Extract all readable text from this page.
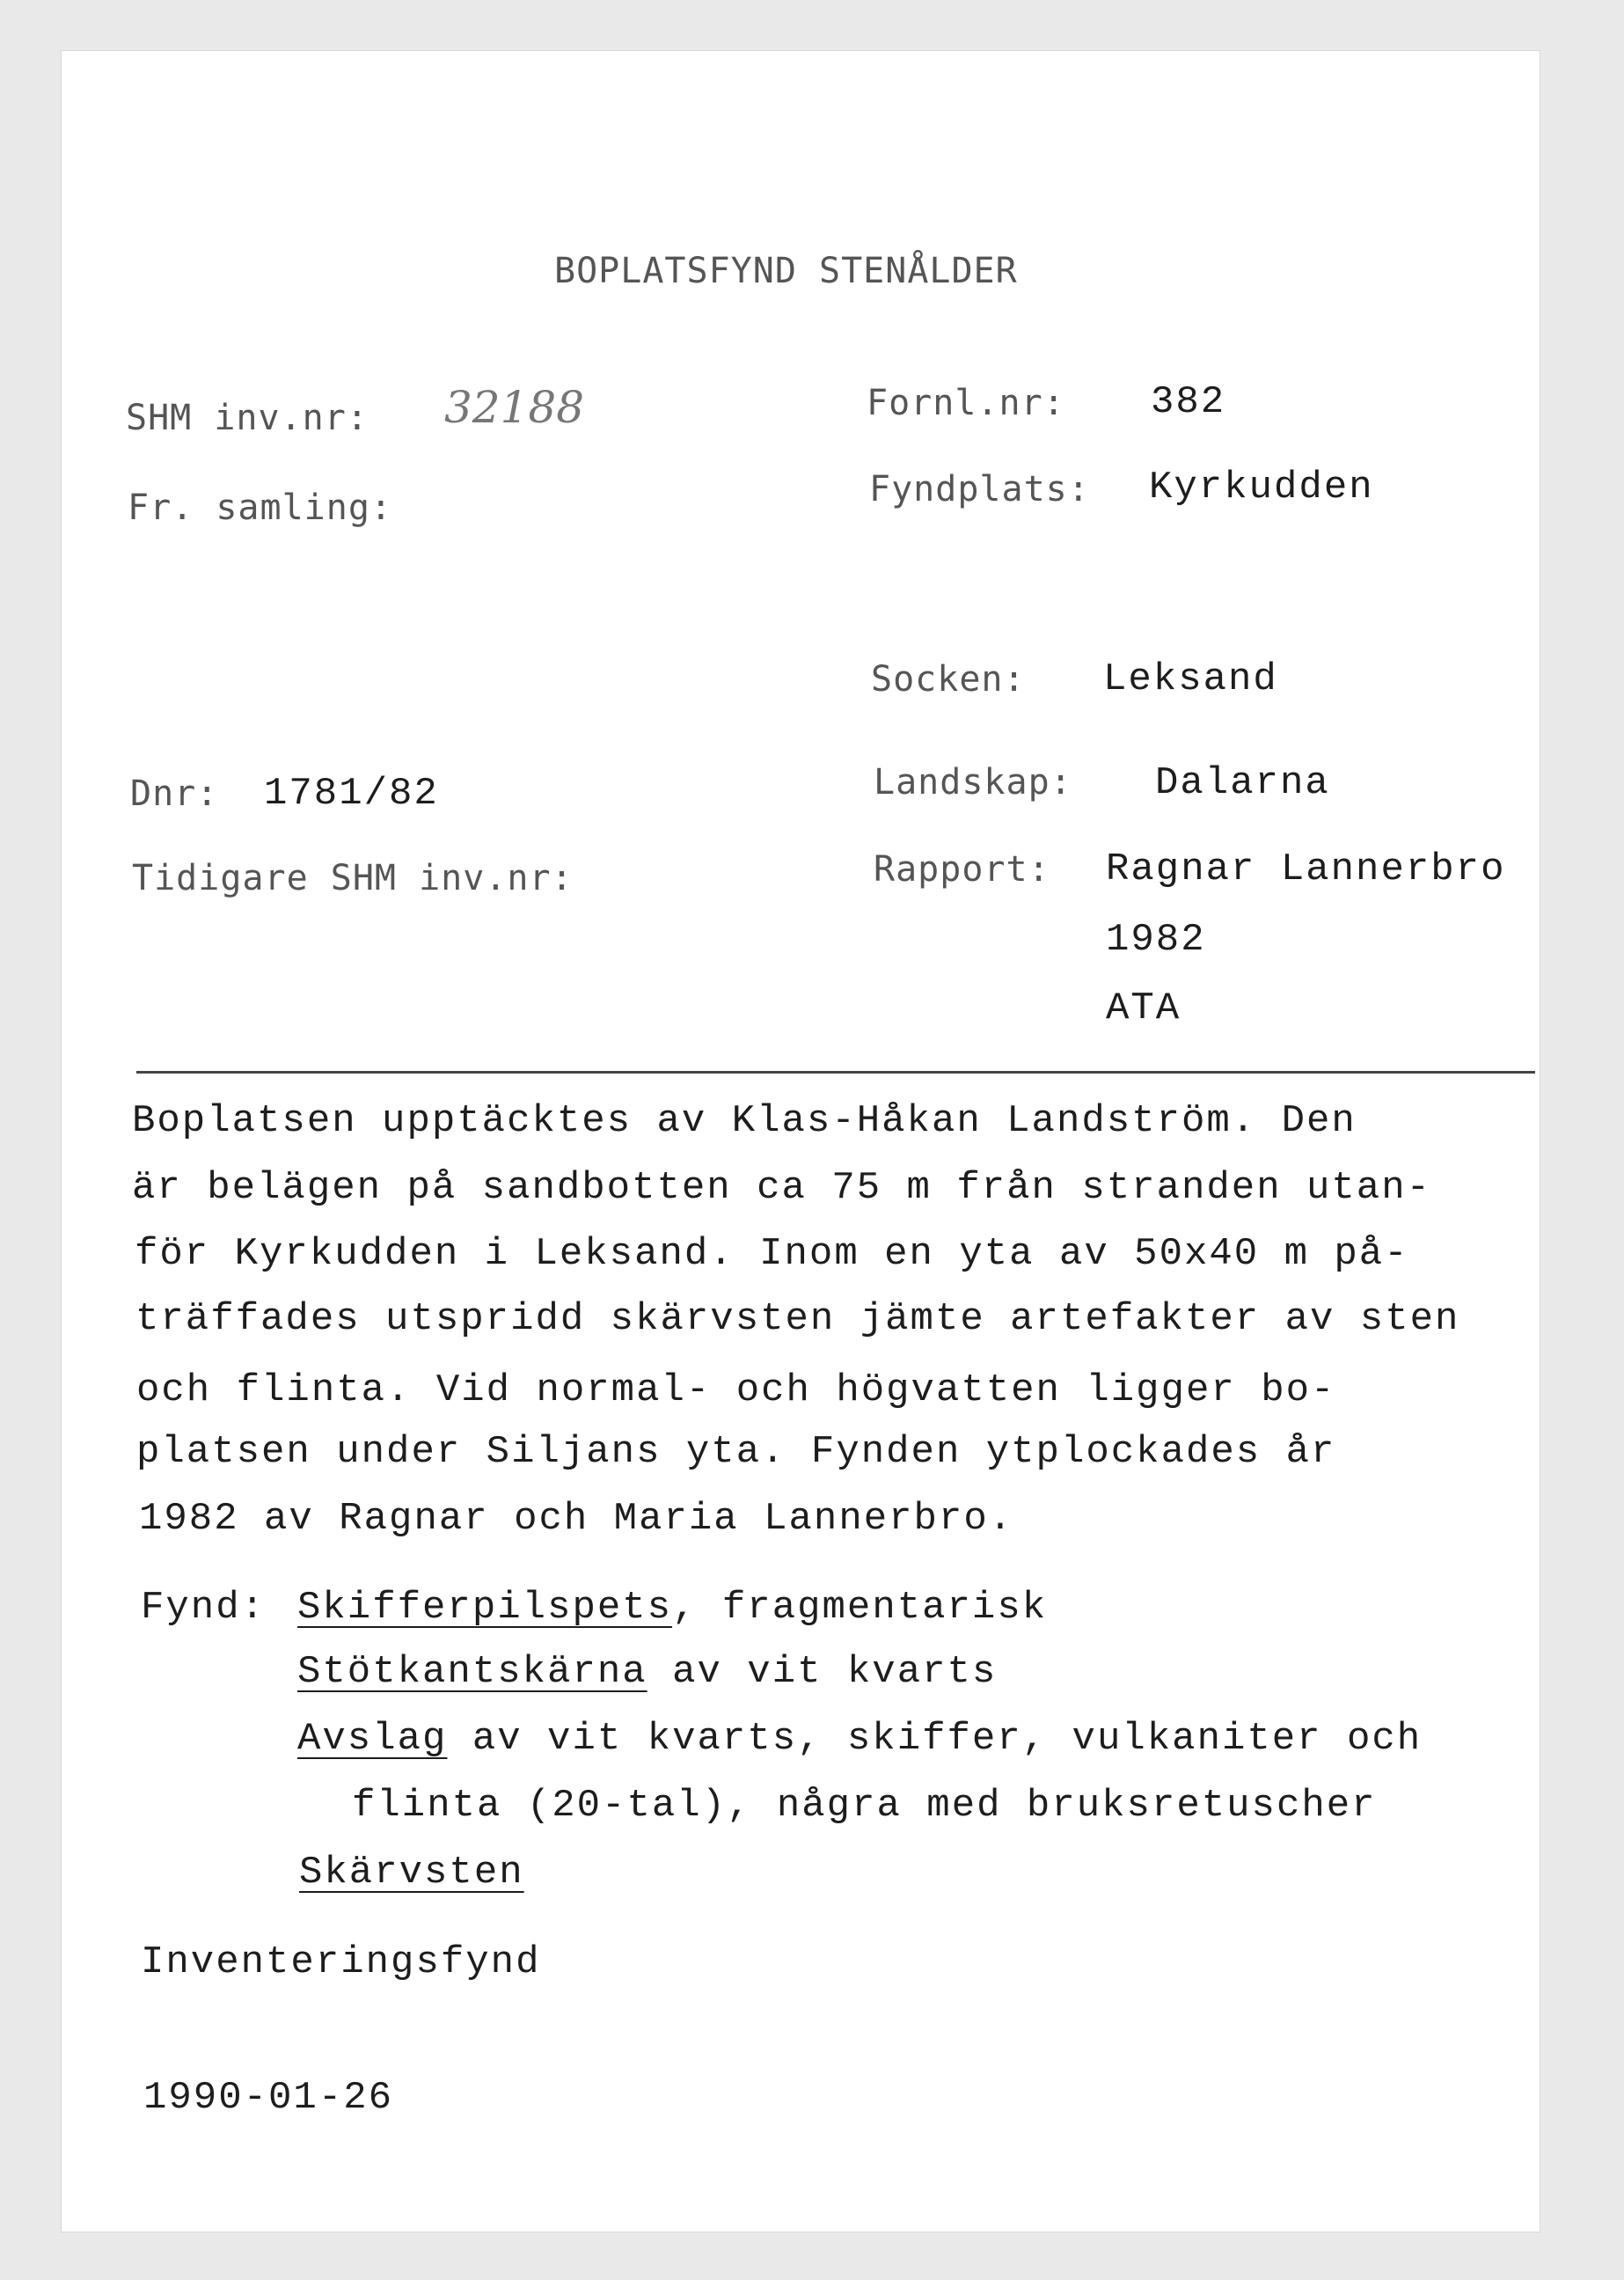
BOPLATSFYND STENÅLDER
SHM inv.nr: 32188
Fr. samling:
Dnr: 1781/82
Tidigare SHM inv.nr:
Fornl.nr: 382
Fyndplats: Kyrkudden
Socken: Leksand
Landskap: Dalarna
Rapport: Ragnar Lannerbro
1982
ATA
Boplatsen upptäcktes av Klas-Håkan Landström. Den
är belägen på sandbotten ca 75 m från stranden utan-
för Kyrkudden i Leksand. Inom en yta av 50x40 m på-
träffades utspridd skärvsten jämte artefakter av sten
och flinta. Vid normal- och högvatten ligger bo-
platsen under Siljans yta. Fynden ytplockades år
1982 av Ragnar och Maria Lannerbro.
Fynd: Skifferpilspets, fragmentarisk
Stötkantskärna av vit kvarts
Avslag av vit kvarts, skiffer, vulkaniter och
flinta (20-tal), några med bruksretuscher
Skärvsten
Inventeringsfynd
1990-01-26
